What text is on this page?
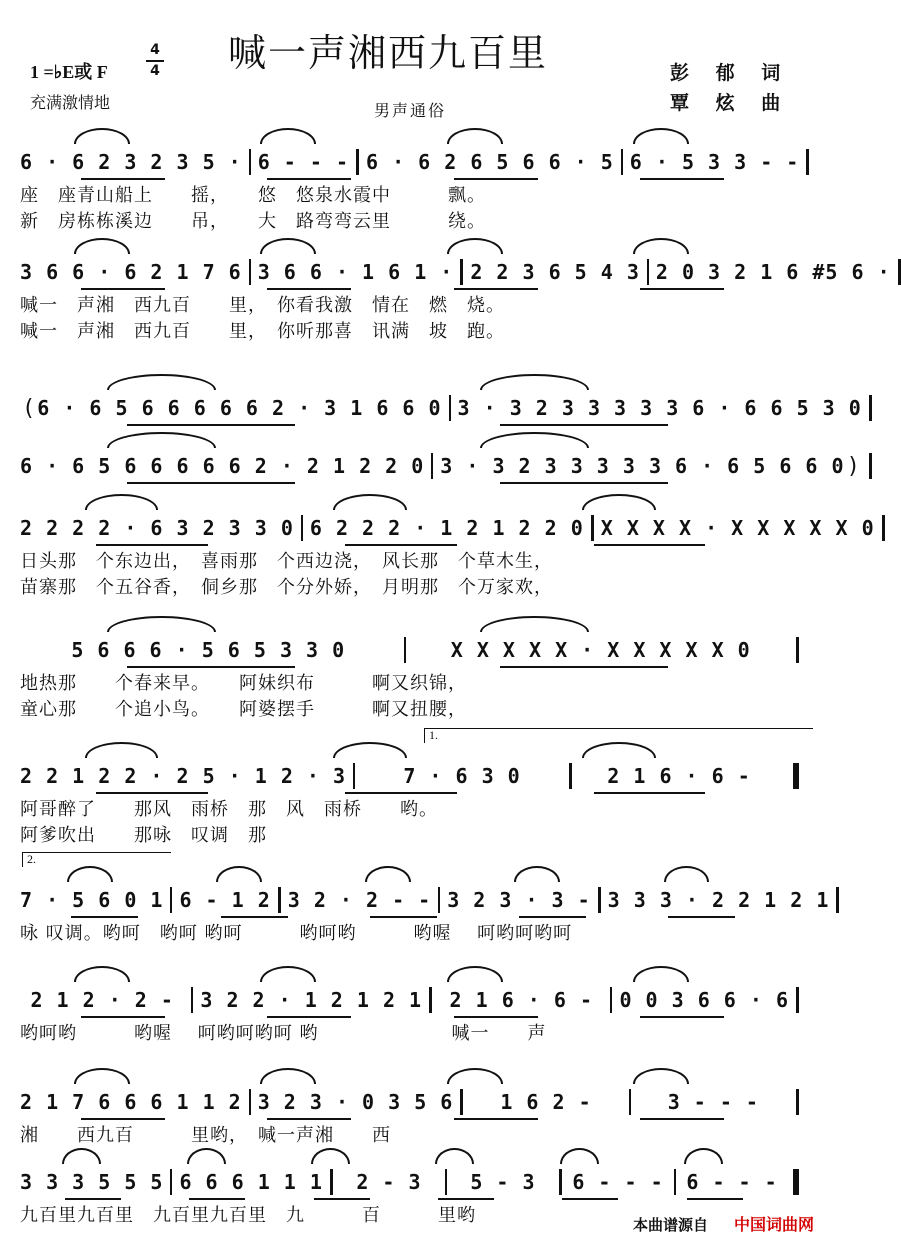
1 =♭E或 F
4
4
充满激情地
喊一声湘西九百里
男声通俗
彭 郁 词
覃 炫 曲
6 · 6 2 3 2 3 5 · 6 - - - 6 · 6 2 6 5 6 6 · 5 6 · 5 3 3 - -
座　座青山船上　　摇，　　悠　悠泉水霞中　　　飘。
新　房栋栋溪边　　吊，　　大　路弯弯云里　　　绕。
3 6 6 · 6 2 1 7 6 3 6 6 · 1 6 1 · 2 2 3 6 5 4 3 2 0 3 2 1 6 #5 6 ·
喊一　声湘　西九百　　里，　你看我激　情在　燃　烧。
喊一　声湘　西九百　　里，　你听那喜　讯满　坡　跑。
( 6 · 6 5 6 6 6 6 6 2 · 3 1 6 6 0 3 · 3 2 3 3 3 3 3 6 · 6 6 5 3 0
6 · 6 5 6 6 6 6 6 2 · 2 1 2 2 0 3 · 3 2 3 3 3 3 3 6 · 6 5 6 6 0 )
2 2 2 2 · 6 3 2 3 3 0 6 2 2 2 · 1 2 1 2 2 0 X X X X · X X X X X 0
日头那　个东边出，　喜雨那　个西边浇，　风长那　个草木生，
苗寨那　个五谷香，　侗乡那　个分外娇，　月明那　个万家欢，
5 6 6 6 · 5 6 5 3 3 0	X X X X X · X X X X X 0
地热那　　个春来早。　　阿妹织布　　　啊又织锦，
童心那　　个追小鸟。　　阿婆摆手　　　啊又扭腰，
1.
2 2 1 2 2 · 2 5 · 1 2 · 3	7 · 6 3 0	2 1 6 · 6 -
阿哥醉了　　那风　雨桥　那　风　雨桥　　哟。
阿爹吹出　　那咏　叹调　那
2.
7 · 5 6 0 1 6 - 1 2 3 2 · 2 - - 3 2 3 · 3 - 3 3 3 · 2 2 1 2 1
咏 叹调。哟呵　哟呵 哟呵　　　哟呵哟　　　哟喔　 呵哟呵哟呵
2 1 2 · 2 -	3 2 2 · 1 2 1 2 1	2 1 6 · 6 -	0 0 3 6 6 · 6
哟呵哟　　　哟喔　 呵哟呵哟呵 哟　　　　　　　喊一　　声
2 1 7 6 6 6 1 1 2 3 2 3 · 0 3 5 6	1 6 2 -	3 - - -
湘　　西九百　　　里哟，　喊一声湘　　西
3 3 3 5 5 5 6 6 6 1 1 1	2 - 3	5 - 3	6 - - - 6 - - -
九百里九百里　九百里九百里　九　　　百　　　里哟	本曲谱源自 中国词曲网
